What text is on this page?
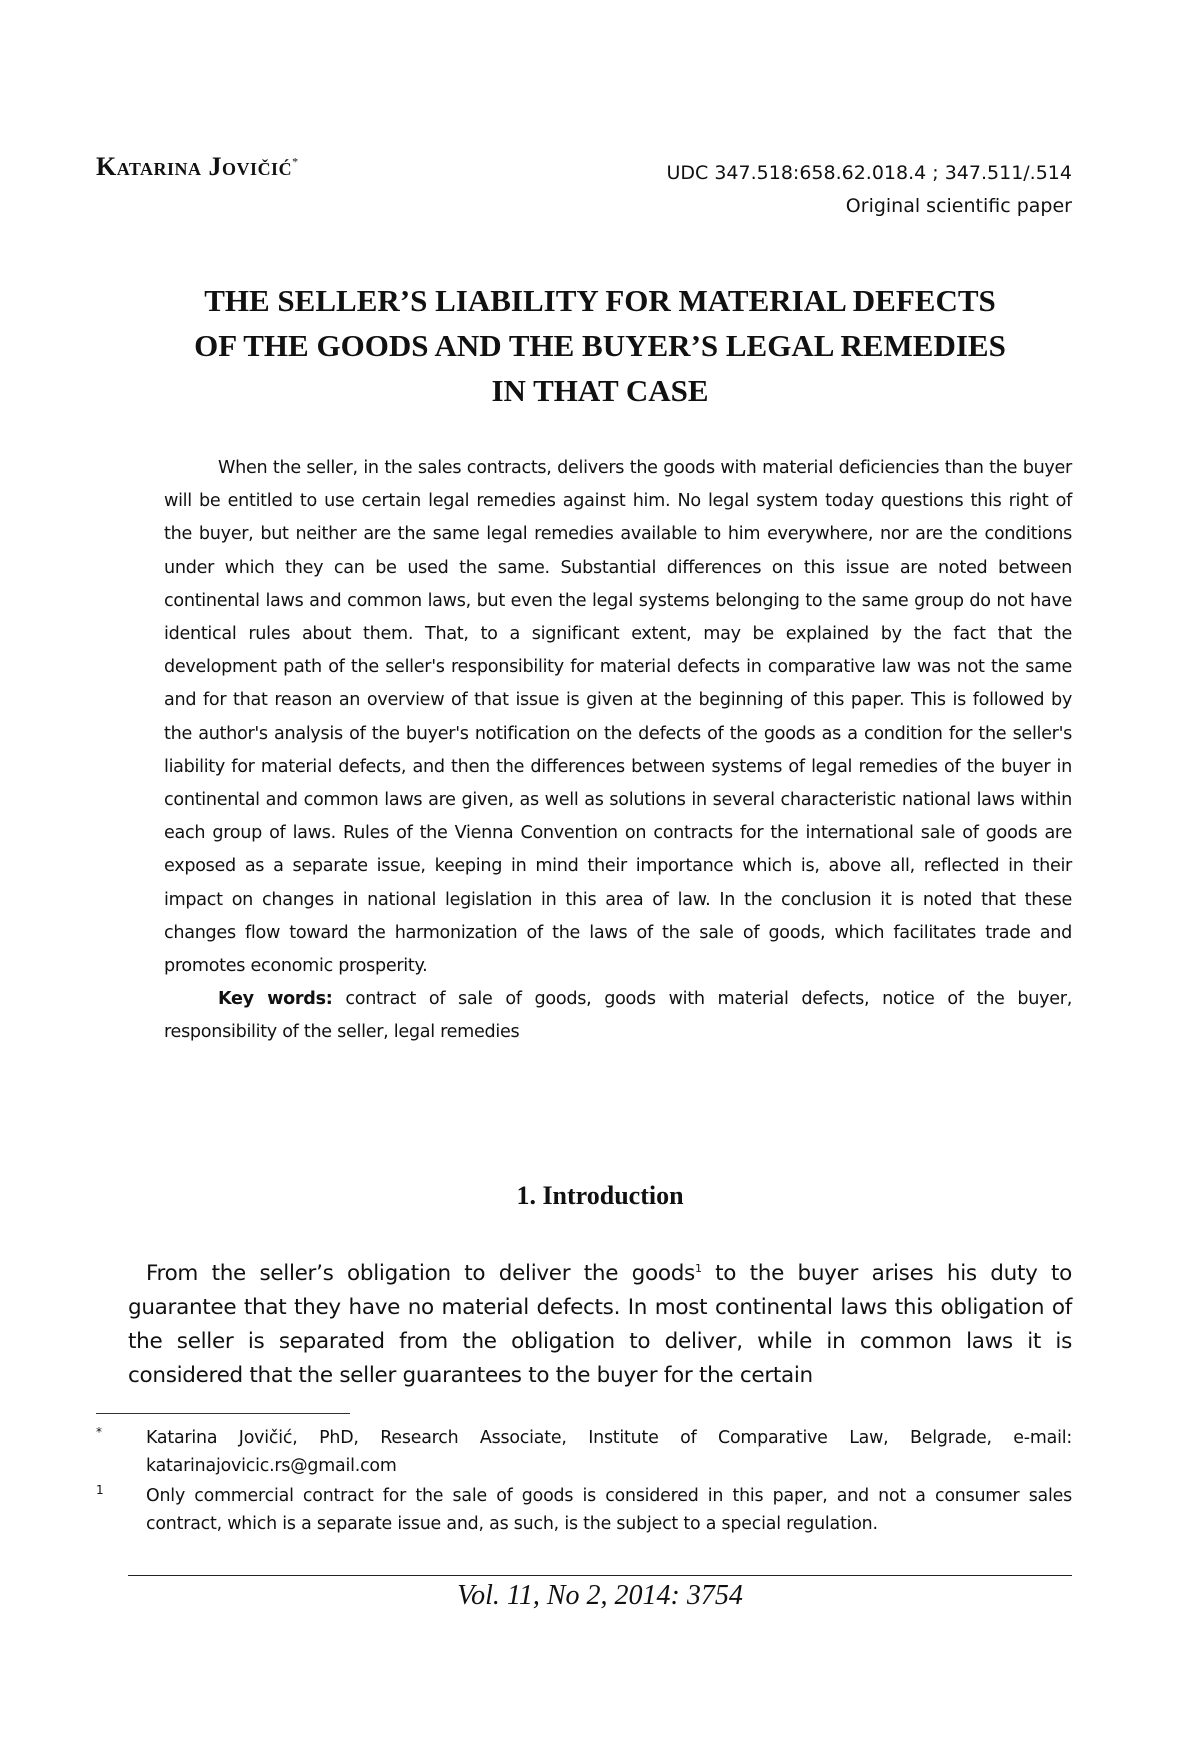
Katarina Jovičić*
UDC 347.518:658.62.018.4 ; 347.511/.514
Original scientific paper
THE SELLER’S LIABILITY FOR MATERIAL DEFECTS
OF THE GOODS AND THE BUYER’S LEGAL REMEDIES
IN THAT CASE

When the seller, in the sales contracts, delivers the goods with material deficiencies than the buyer will be entitled to use certain legal remedies against him. No legal system today questions this right of the buyer, but neither are the same legal remedies available to him everywhere, nor are the conditions under which they can be used the same. Substantial differences on this issue are noted between continental laws and common laws, but even the legal systems belonging to the same group do not have identical rules about them. That, to a significant extent, may be explained by the fact that the development path of the seller's responsibility for material defects in comparative law was not the same and for that reason an overview of that issue is given at the beginning of this paper. This is followed by the author's analysis of the buyer's notification on the defects of the goods as a condition for the seller's liability for material defects, and then the differences between systems of legal remedies of the buyer in continental and common laws are given, as well as solutions in several characteristic national laws within each group of laws. Rules of the Vienna Convention on contracts for the international sale of goods are exposed as a separate issue, keeping in mind their importance which is, above all, reflected in their impact on changes in national legislation in this area of law. In the conclusion it is noted that these changes flow toward the harmonization of the laws of the sale of goods, which facilitates trade and promotes economic prosperity.

Key words: contract of sale of goods, goods with material defects, notice of the buyer, responsibility of the seller, legal remedies

1. Introduction

From the seller’s obligation to deliver the goods$^1$ to the buyer arises his duty to guarantee that they have no material defects. In most continental laws this obligation of the seller is separated from the obligation to deliver, while in common laws it is considered that the seller guarantees to the buyer for the certain

*	Katarina Jovičić, PhD, Research Associate, Institute of Comparative Law, Belgrade, e-mail: katarinajovicic.rs@gmail.com
1 Only commercial contract for the sale of goods is considered in this paper, and not a consumer sales contract, which is a separate issue and, as such, is the subject to a special regulation.
Vol. 11, No 2, 2014: 3754
